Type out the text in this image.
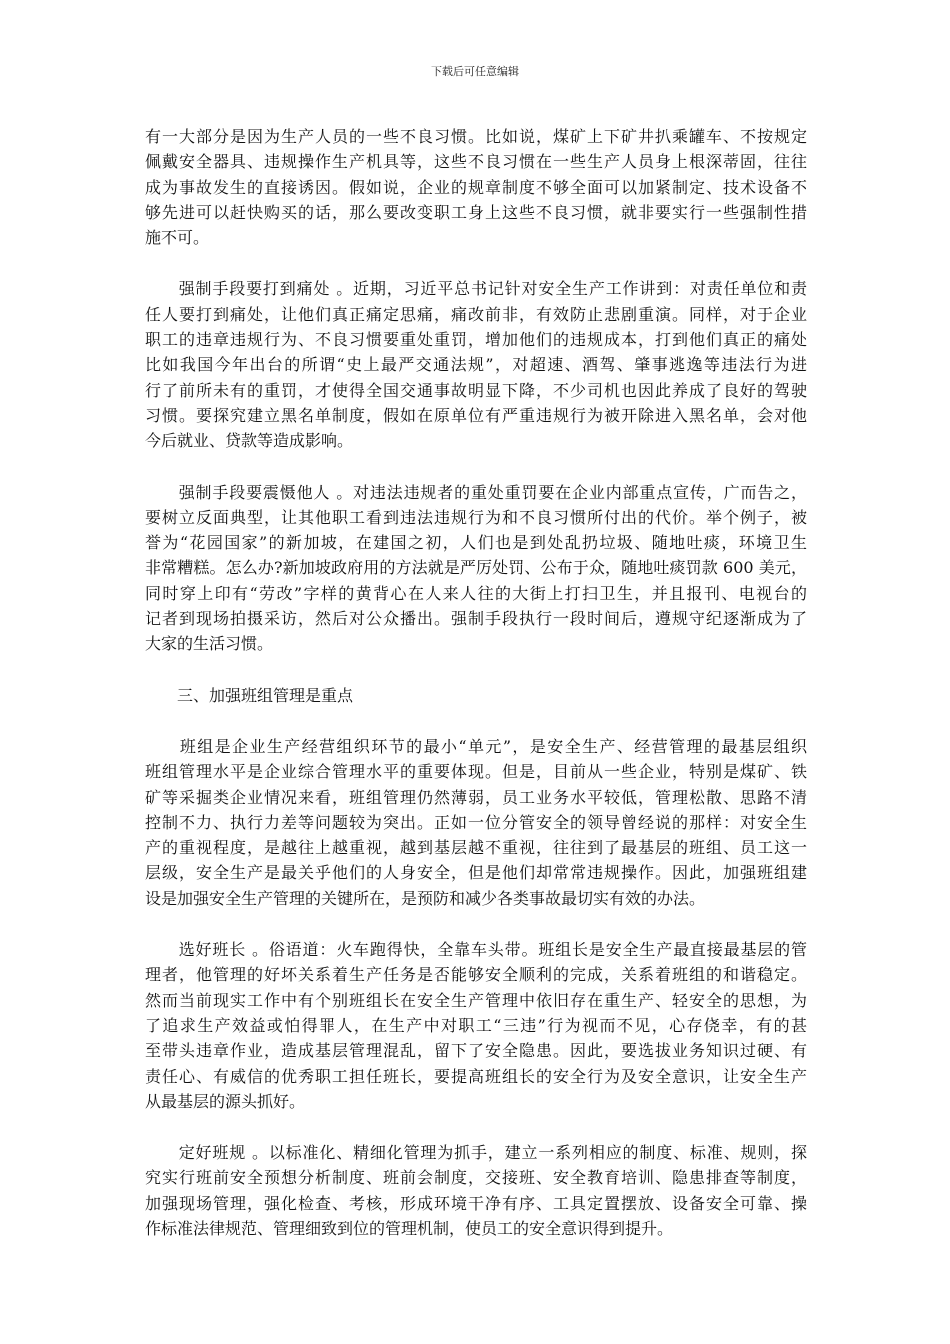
下载后可任意编辑
有一大部分是因为生产人员的一些不良习惯。比如说，煤矿上下矿井扒乘罐车、不按规定
佩戴安全器具、违规操作生产机具等，这些不良习惯在一些生产人员身上根深蒂固，往往
成为事故发生的直接诱因。假如说，企业的规章制度不够全面可以加紧制定、技术设备不
够先进可以赶快购买的话，那么要改变职工身上这些不良习惯，就非要实行一些强制性措
施不可。
　　强制手段要打到痛处 。近期，习近平总书记针对安全生产工作讲到：对责任单位和责
任人要打到痛处，让他们真正痛定思痛，痛改前非，有效防止悲剧重演。同样，对于企业
职工的违章违规行为、不良习惯要重处重罚，增加他们的违规成本，打到他们真正的痛处
比如我国今年出台的所谓“史上最严交通法规”，对超速、酒驾、肇事逃逸等违法行为进
行了前所未有的重罚，才使得全国交通事故明显下降，不少司机也因此养成了良好的驾驶
习惯。要探究建立黑名单制度，假如在原单位有严重违规行为被开除进入黑名单，会对他
今后就业、贷款等造成影响。
　　强制手段要震慑他人 。对违法违规者的重处重罚要在企业内部重点宣传，广而告之，
要树立反面典型，让其他职工看到违法违规行为和不良习惯所付出的代价。举个例子，被
誉为“花园国家”的新加坡，在建国之初，人们也是到处乱扔垃圾、随地吐痰，环境卫生
非常糟糕。怎么办?新加坡政府用的方法就是严厉处罚、公布于众，随地吐痰罚款 600 美元，
同时穿上印有“劳改”字样的黄背心在人来人往的大街上打扫卫生，并且报刊、电视台的
记者到现场拍摄采访，然后对公众播出。强制手段执行一段时间后，遵规守纪逐渐成为了
大家的生活习惯。
　　三、加强班组管理是重点
　　班组是企业生产经营组织环节的最小“单元”，是安全生产、经营管理的最基层组织
班组管理水平是企业综合管理水平的重要体现。但是，目前从一些企业，特别是煤矿、铁
矿等采掘类企业情况来看，班组管理仍然薄弱，员工业务水平较低，管理松散、思路不清
控制不力、执行力差等问题较为突出。正如一位分管安全的领导曾经说的那样：对安全生
产的重视程度，是越往上越重视，越到基层越不重视，往往到了最基层的班组、员工这一
层级，安全生产是最关乎他们的人身安全，但是他们却常常违规操作。因此，加强班组建
设是加强安全生产管理的关键所在，是预防和减少各类事故最切实有效的办法。
　　选好班长 。俗语道：火车跑得快，全靠车头带。班组长是安全生产最直接最基层的管
理者，他管理的好坏关系着生产任务是否能够安全顺利的完成，关系着班组的和谐稳定。
然而当前现实工作中有个别班组长在安全生产管理中依旧存在重生产、轻安全的思想，为
了追求生产效益或怕得罪人，在生产中对职工“三违”行为视而不见，心存侥幸，有的甚
至带头违章作业，造成基层管理混乱，留下了安全隐患。因此，要选拔业务知识过硬、有
责任心、有威信的优秀职工担任班长，要提高班组长的安全行为及安全意识，让安全生产
从最基层的源头抓好。
　　定好班规 。以标准化、精细化管理为抓手，建立一系列相应的制度、标准、规则，探
究实行班前安全预想分析制度、班前会制度，交接班、安全教育培训、隐患排查等制度，
加强现场管理，强化检查、考核，形成环境干净有序、工具定置摆放、设备安全可靠、操
作标准法律规范、管理细致到位的管理机制，使员工的安全意识得到提升。
